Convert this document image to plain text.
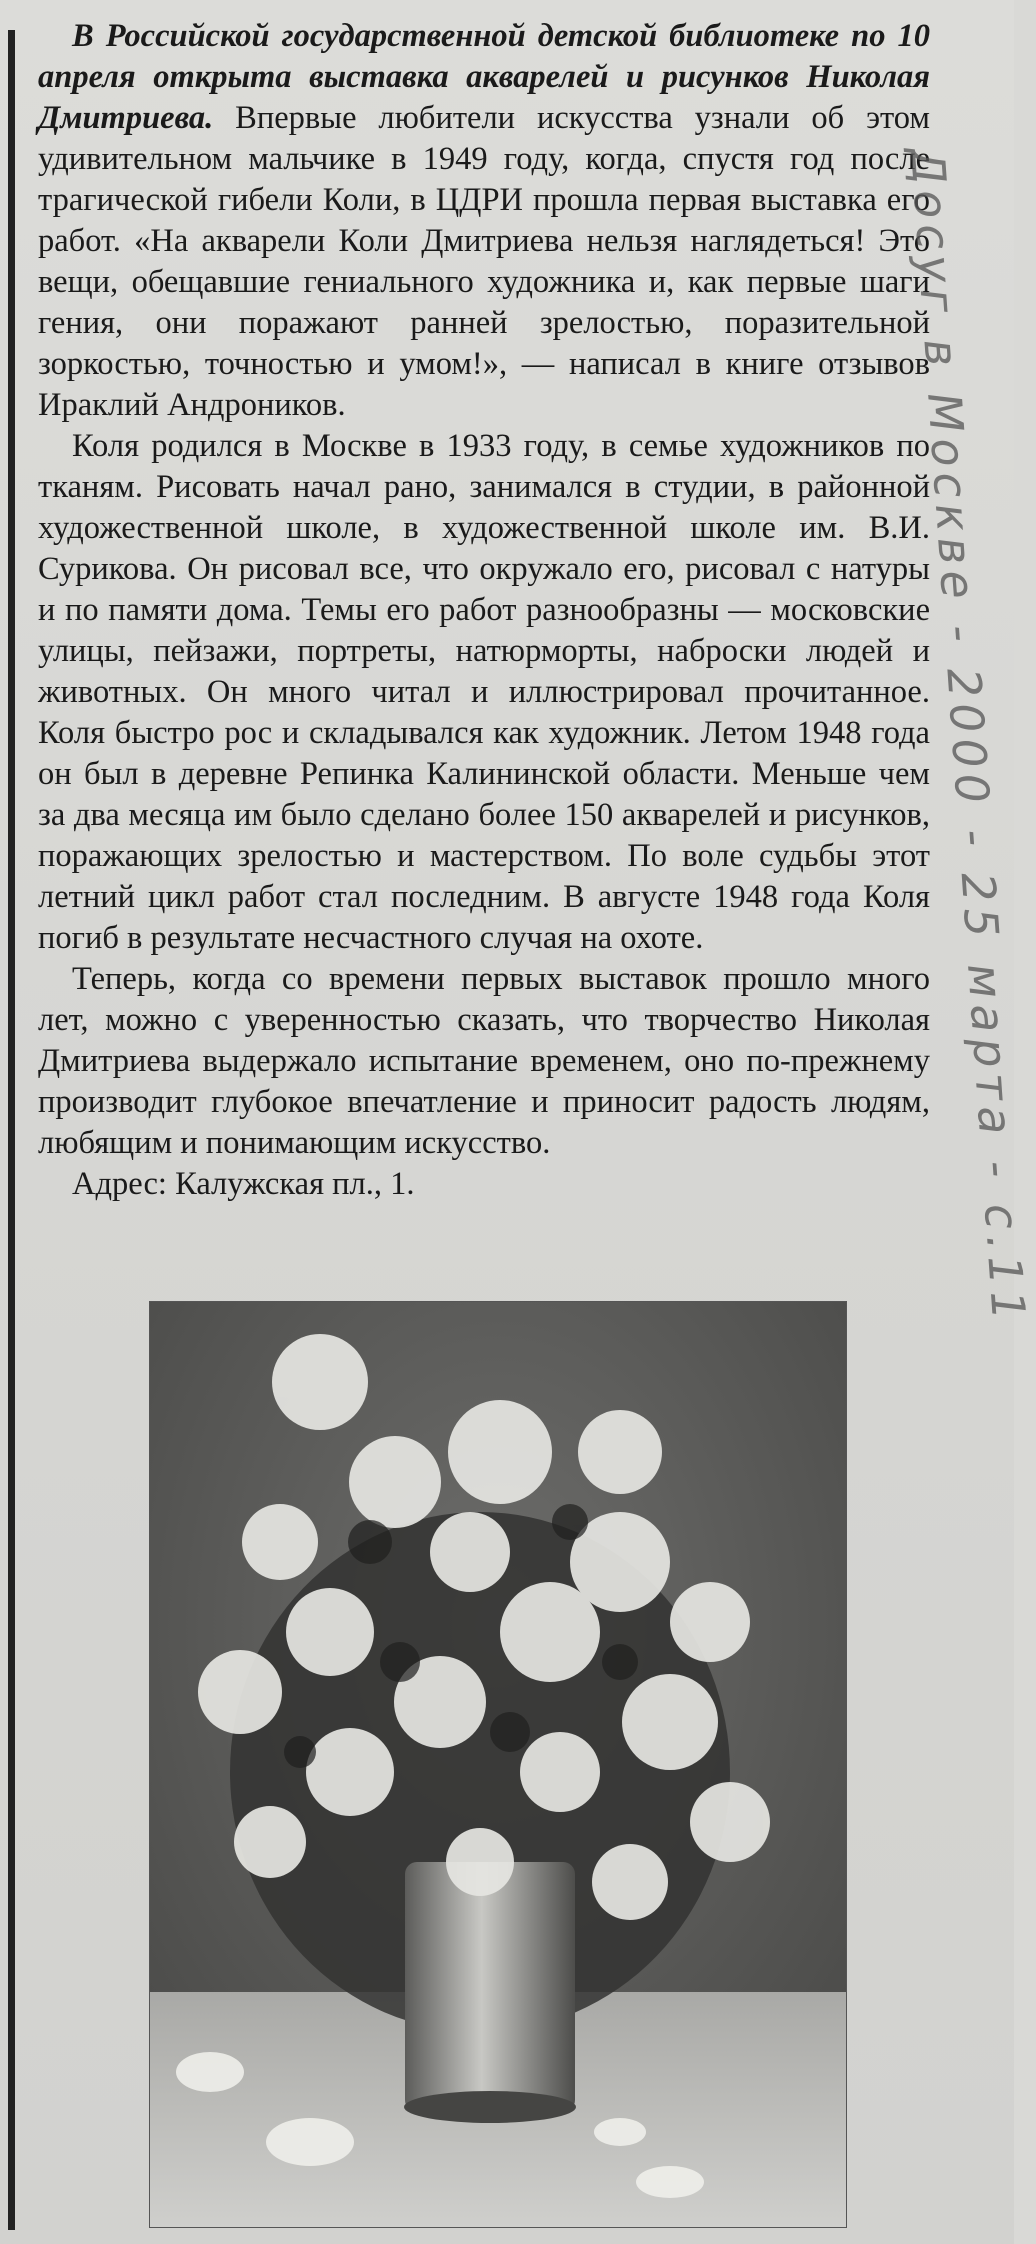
В Российской государственной детской библиотеке по 10 апреля открыта выставка акварелей и рисунков Николая Дмитриева. Впервые любители искусства узнали об этом удивительном мальчике в 1949 году, когда, спустя год после трагической гибели Коли, в ЦДРИ прошла первая выставка его работ. «На акварели Коли Дмитриева нельзя наглядеться! Это вещи, обещавшие гениального художника и, как первые шаги гения, они поражают ранней зрелостью, поразительной зоркостью, точностью и умом!», — написал в книге отзывов Ираклий Андроников.

Коля родился в Москве в 1933 году, в семье художников по тканям. Рисовать начал рано, занимался в студии, в районной художественной школе, в художественной школе им. В.И. Сурикова. Он рисовал все, что окружало его, рисовал с натуры и по памяти дома. Темы его работ разнообразны — московские улицы, пейзажи, портреты, натюрморты, наброски людей и животных. Он много читал и иллюстрировал прочитанное. Коля быстро рос и складывался как художник. Летом 1948 года он был в деревне Репинка Калининской области. Меньше чем за два месяца им было сделано более 150 акварелей и рисунков, поражающих зрелостью и мастерством. По воле судьбы этот летний цикл работ стал последним. В августе 1948 года Коля погиб в результате несчастного случая на охоте.

Теперь, когда со времени первых выставок прошло много лет, можно с уверенностью сказать, что творчество Николая Дмитриева выдержало испытание временем, оно по-прежнему производит глубокое впечатление и приносит радость людям, любящим и понимающим искусство.

Адрес: Калужская пл., 1.	Досуг в Москве - 2000 - 25 марта - с.11
